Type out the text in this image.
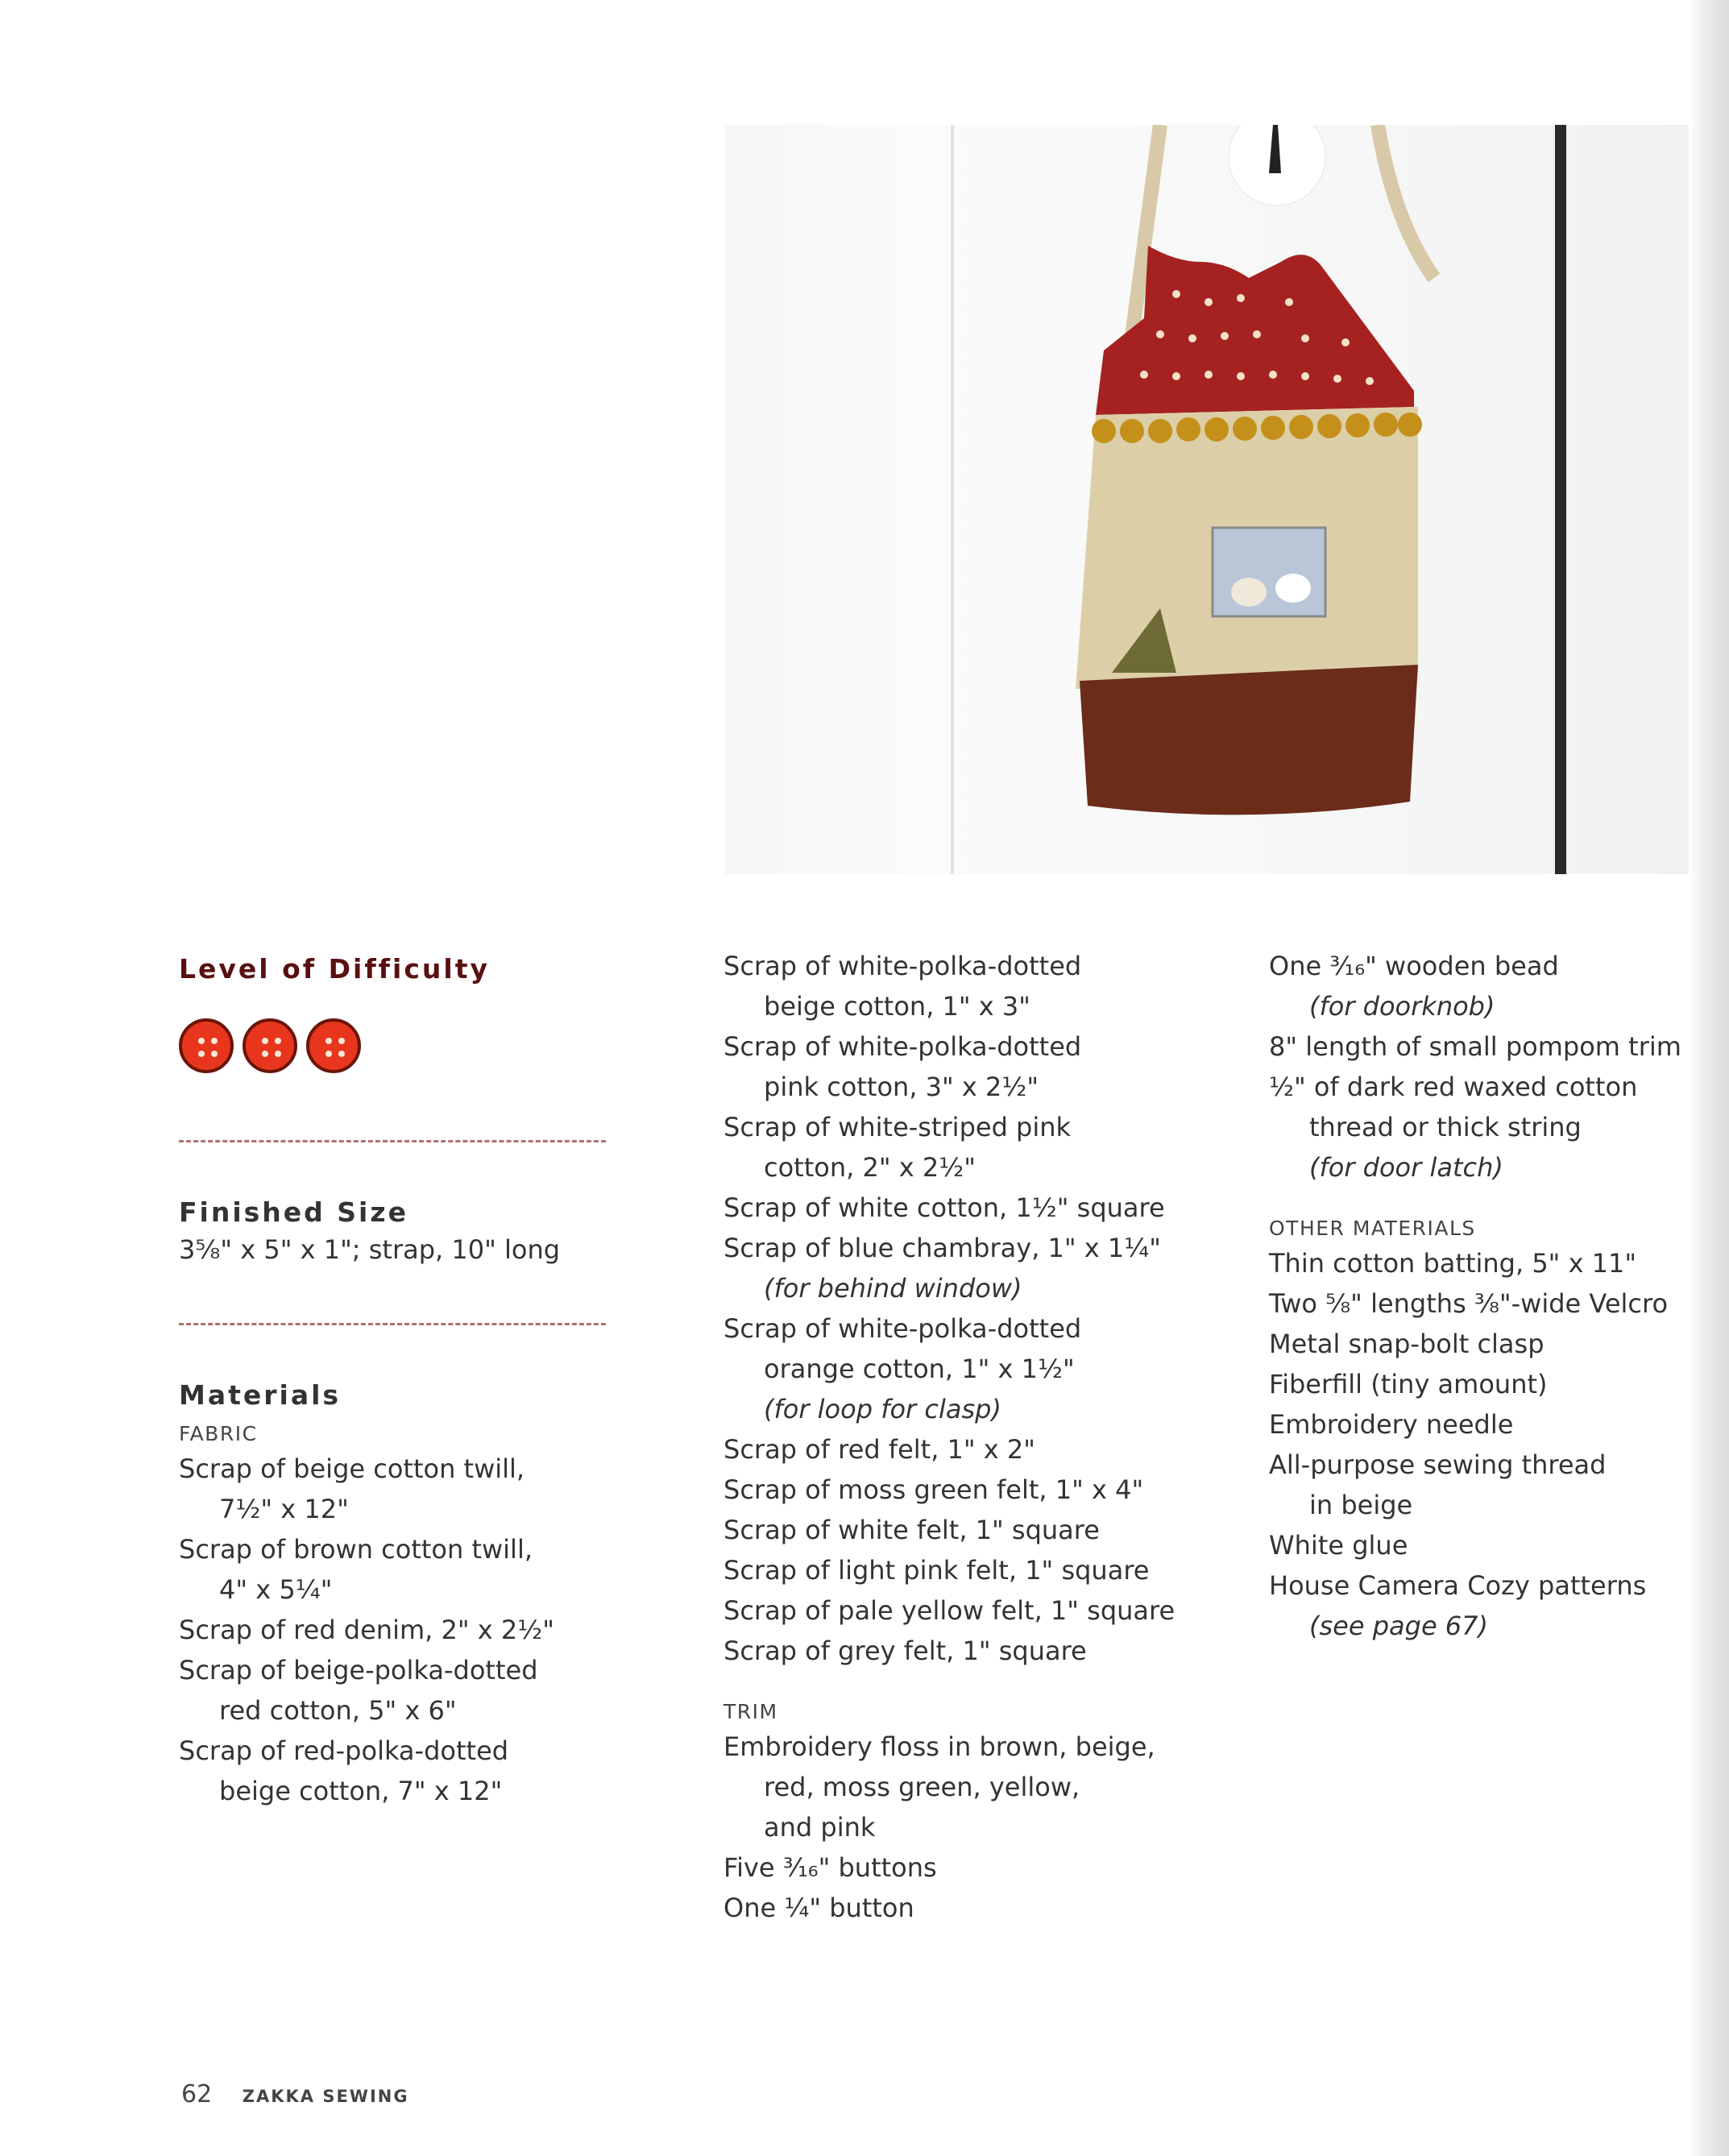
Level of Difficulty
Finished Size
3⁵⁄₈" x 5" x 1"; strap, 10" long
Materials
FABRIC
Scrap of beige cotton twill,
7½" x 12"
Scrap of brown cotton twill,
4" x 5¼"
Scrap of red denim, 2" x 2½"
Scrap of beige-polka-dotted
red cotton, 5" x 6"
Scrap of red-polka-dotted
beige cotton, 7" x 12"
Scrap of white-polka-dotted
beige cotton, 1" x 3"
Scrap of white-polka-dotted
pink cotton, 3" x 2½"
Scrap of white-striped pink
cotton, 2" x 2½"
Scrap of white cotton, 1½" square
Scrap of blue chambray, 1" x 1¼"
(for behind window)
Scrap of white-polka-dotted
orange cotton, 1" x 1½"
(for loop for clasp)
Scrap of red felt, 1" x 2"
Scrap of moss green felt, 1" x 4"
Scrap of white felt, 1" square
Scrap of light pink felt, 1" square
Scrap of pale yellow felt, 1" square
Scrap of grey felt, 1" square
TRIM
Embroidery floss in brown, beige,
red, moss green, yellow,
and pink
Five ³⁄₁₆" buttons
One ¼" button
One ³⁄₁₆" wooden bead
(for doorknob)
8" length of small pompom trim
½" of dark red waxed cotton
thread or thick string
(for door latch)
OTHER MATERIALS
Thin cotton batting, 5" x 11"
Two ⁵⁄₈" lengths ³⁄₈"-wide Velcro
Metal snap-bolt clasp
Fiberfill (tiny amount)
Embroidery needle
All-purpose sewing thread
in beige
White glue
House Camera Cozy patterns
(see page 67)
62 ZAKKA SEWING
